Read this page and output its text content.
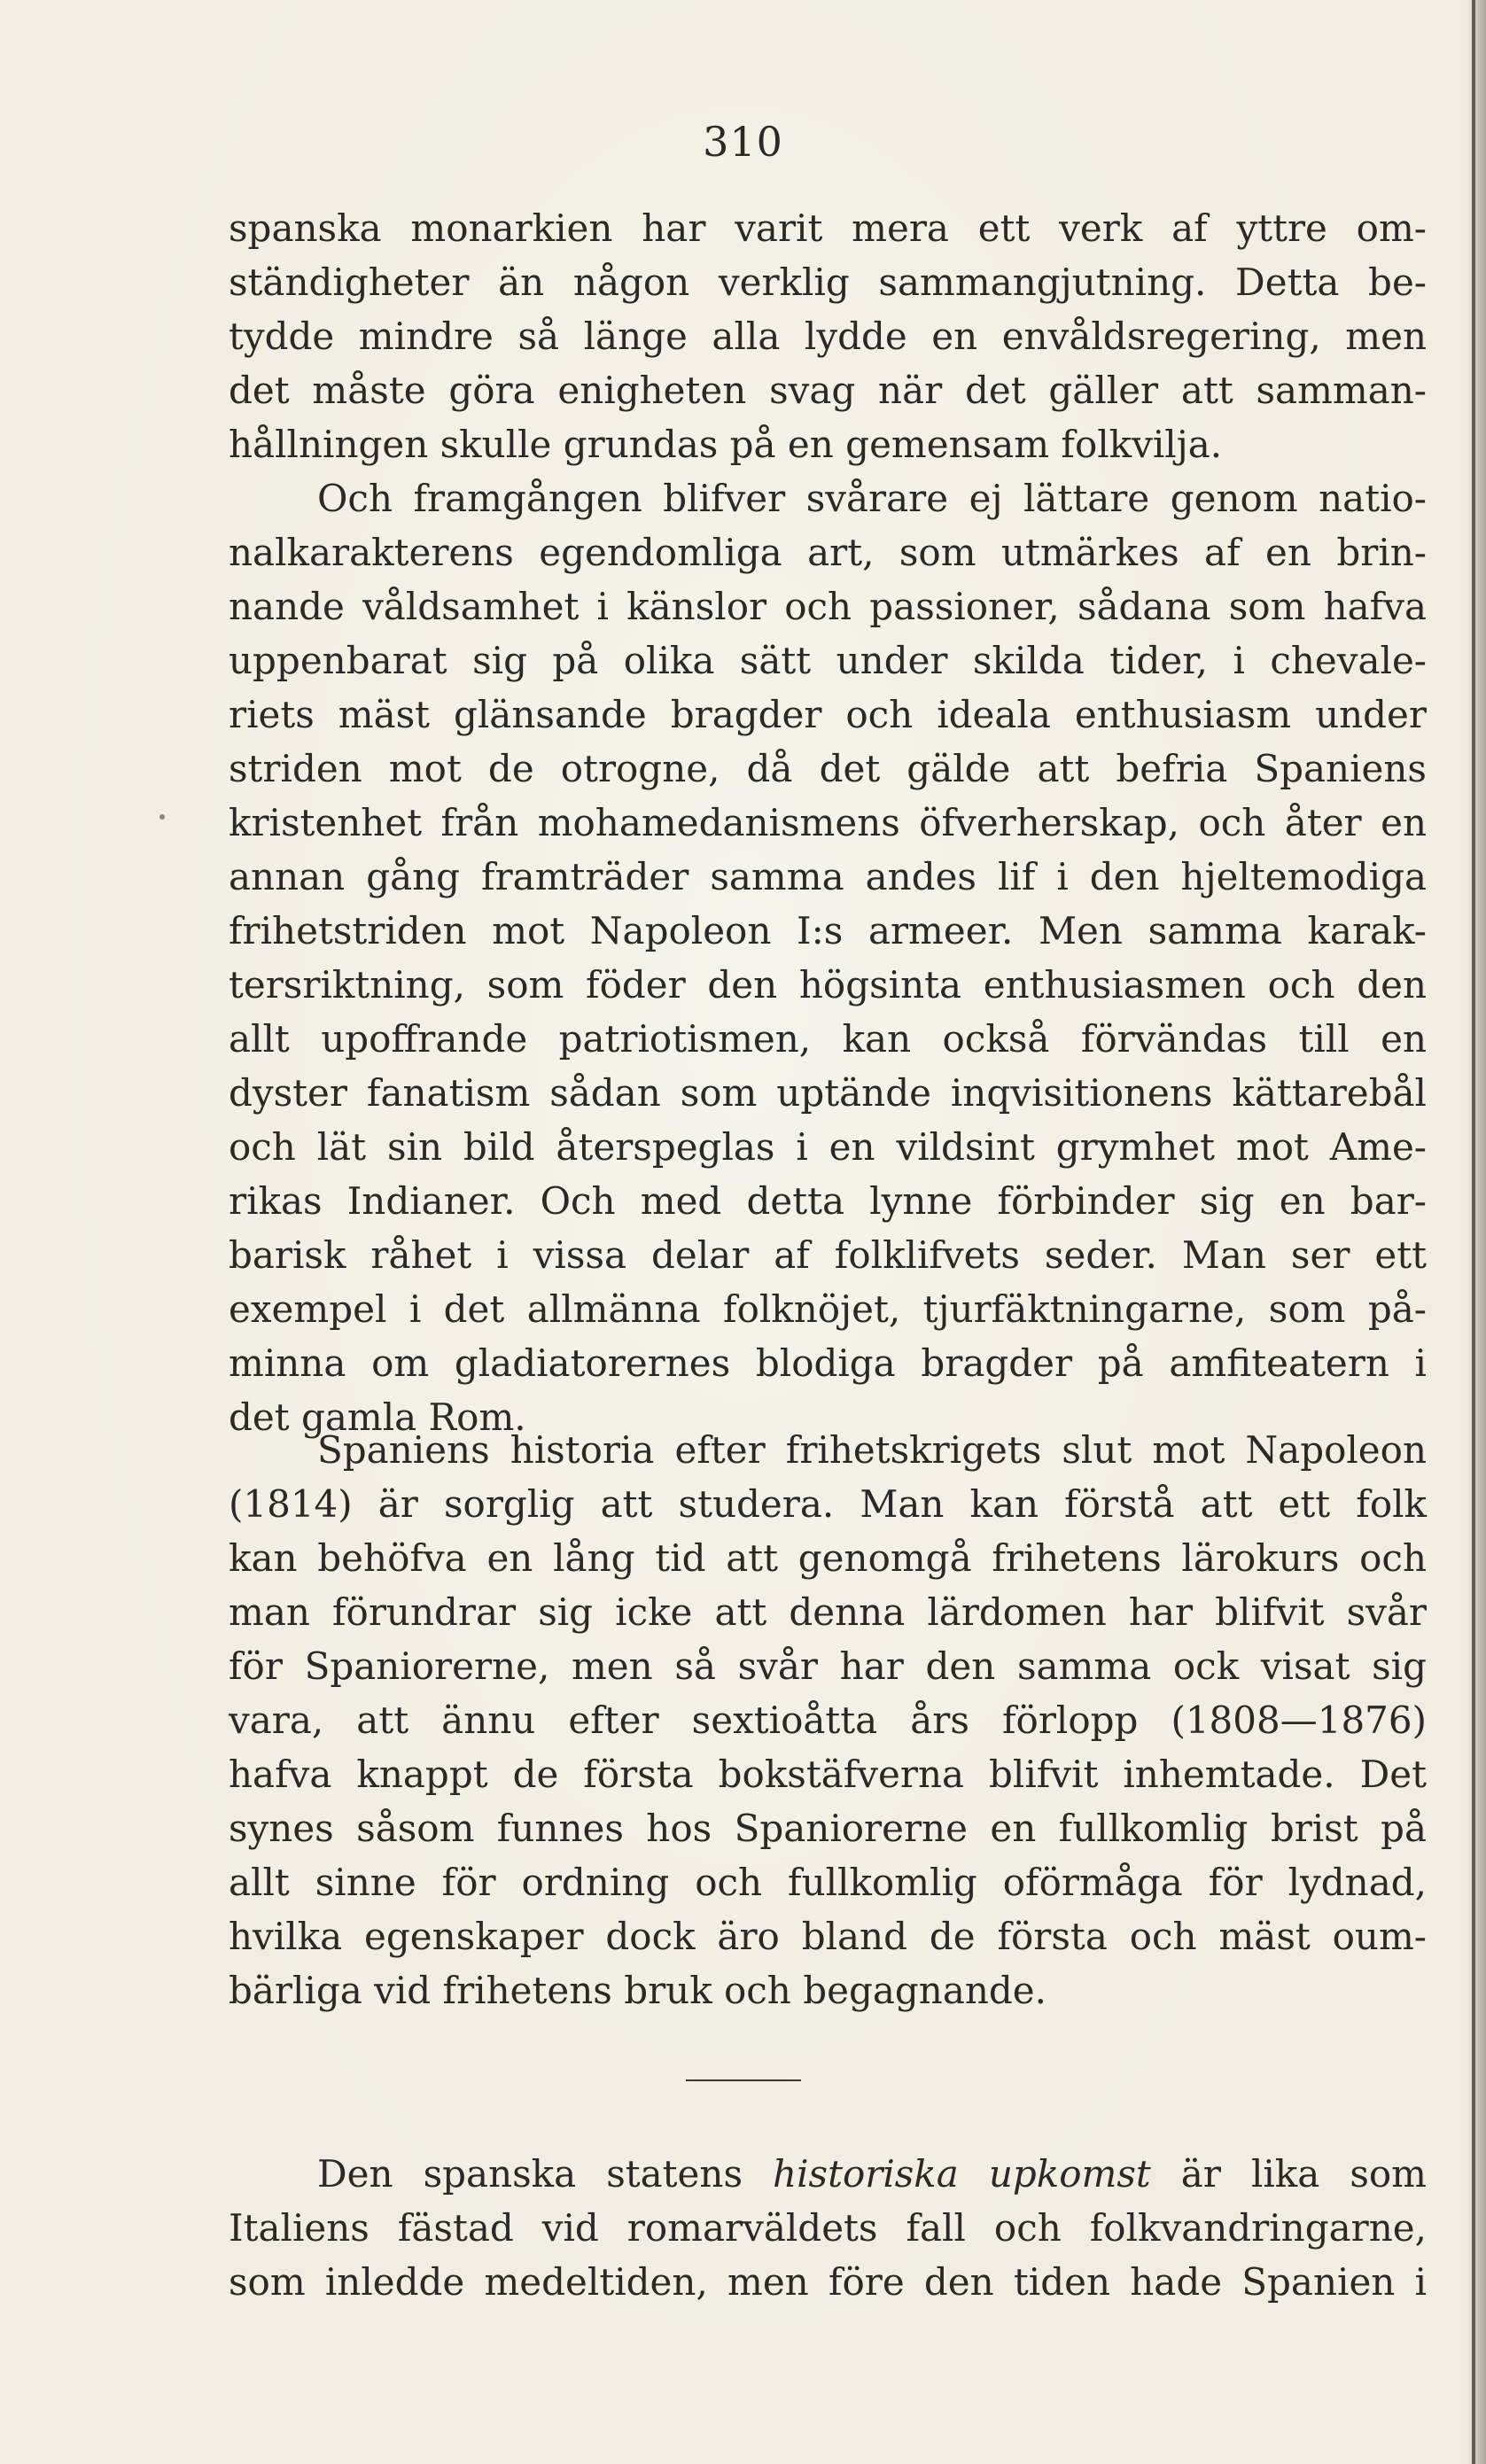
310
spanska monarkien har varit mera ett verk af yttre om-
ständigheter än någon verklig sammangjutning. Detta be-
tydde mindre så länge alla lydde en envåldsregering, men
det måste göra enigheten svag när det gäller att samman-
hållningen skulle grundas på en gemensam folkvilja.
Och framgången blifver svårare ej lättare genom natio-
nalkarakterens egendomliga art, som utmärkes af en brin-
nande våldsamhet i känslor och passioner, sådana som hafva
uppenbarat sig på olika sätt under skilda tider, i chevale-
riets mäst glänsande bragder och ideala enthusiasm under
striden mot de otrogne, då det gälde att befria Spaniens
kristenhet från mohamedanismens öfverherskap, och åter en
annan gång framträder samma andes lif i den hjeltemodiga
frihetstriden mot Napoleon I:s armeer. Men samma karak-
tersriktning, som föder den högsinta enthusiasmen och den
allt upoffrande patriotismen, kan också förvändas till en
dyster fanatism sådan som uptände inqvisitionens kättarebål
och lät sin bild återspeglas i en vildsint grymhet mot Ame-
rikas Indianer. Och med detta lynne förbinder sig en bar-
barisk råhet i vissa delar af folklifvets seder. Man ser ett
exempel i det allmänna folknöjet, tjurfäktningarne, som på-
minna om gladiatorernes blodiga bragder på amfiteatern i
det gamla Rom.
Spaniens historia efter frihetskrigets slut mot Napoleon
(1814) är sorglig att studera. Man kan förstå att ett folk
kan behöfva en lång tid att genomgå frihetens lärokurs och
man förundrar sig icke att denna lärdomen har blifvit svår
för Spaniorerne, men så svår har den samma ock visat sig
vara, att ännu efter sextioåtta års förlopp (1808—1876)
hafva knappt de första bokstäfverna blifvit inhemtade. Det
synes såsom funnes hos Spaniorerne en fullkomlig brist på
allt sinne för ordning och fullkomlig oförmåga för lydnad,
hvilka egenskaper dock äro bland de första och mäst oum-
bärliga vid frihetens bruk och begagnande.
Den spanska statens historiska upkomst är lika som
Italiens fästad vid romarväldets fall och folkvandringarne,
som inledde medeltiden, men före den tiden hade Spanien i
